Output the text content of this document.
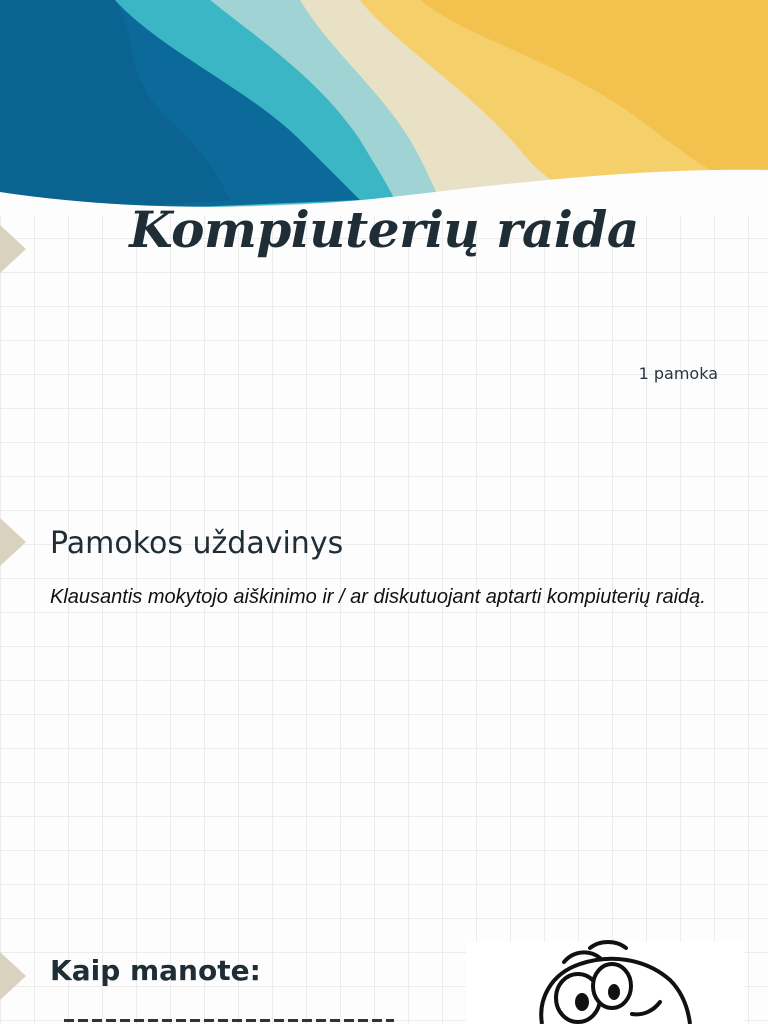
Kompiuterių raida

1 pamoka

Pamokos uždavinys

Klausantis mokytojo aiškinimo ir / ar diskutuojant aptarti kompiuterių raidą.

Kaip manote:
